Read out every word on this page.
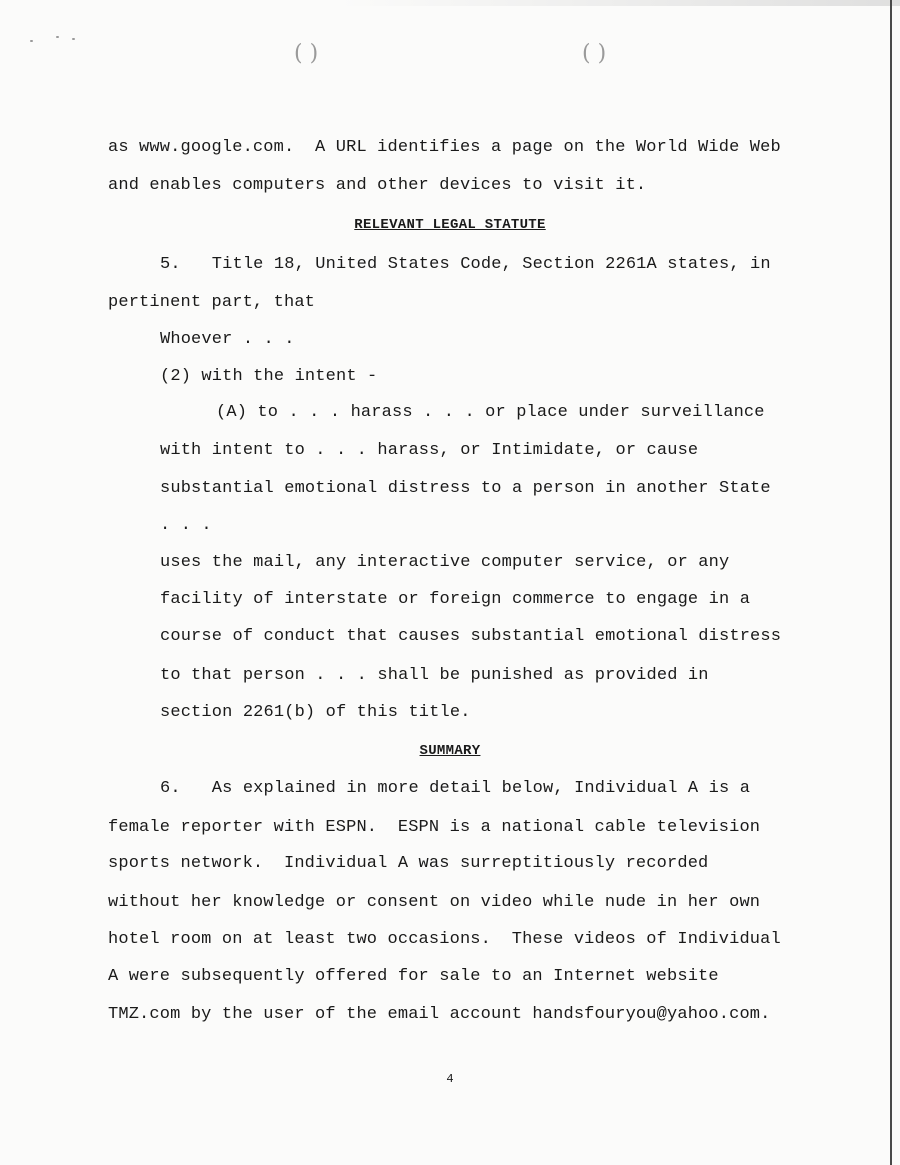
( )	( )
as www.google.com.  A URL identifies a page on the World Wide Web
and enables computers and other devices to visit it.
RELEVANT LEGAL STATUTE
5.   Title 18, United States Code, Section 2261A states, in
pertinent part, that
Whoever . . .
(2) with the intent -
(A) to . . . harass . . . or place under surveillance
with intent to . . . harass, or Intimidate, or cause
substantial emotional distress to a person in another State
. . .
uses the mail, any interactive computer service, or any
facility of interstate or foreign commerce to engage in a
course of conduct that causes substantial emotional distress
to that person . . . shall be punished as provided in
section 2261(b) of this title.
SUMMARY
6.   As explained in more detail below, Individual A is a
female reporter with ESPN.  ESPN is a national cable television
sports network.  Individual A was surreptitiously recorded
without her knowledge or consent on video while nude in her own
hotel room on at least two occasions.  These videos of Individual
A were subsequently offered for sale to an Internet website
TMZ.com by the user of the email account handsfouryou@yahoo.com.
4
